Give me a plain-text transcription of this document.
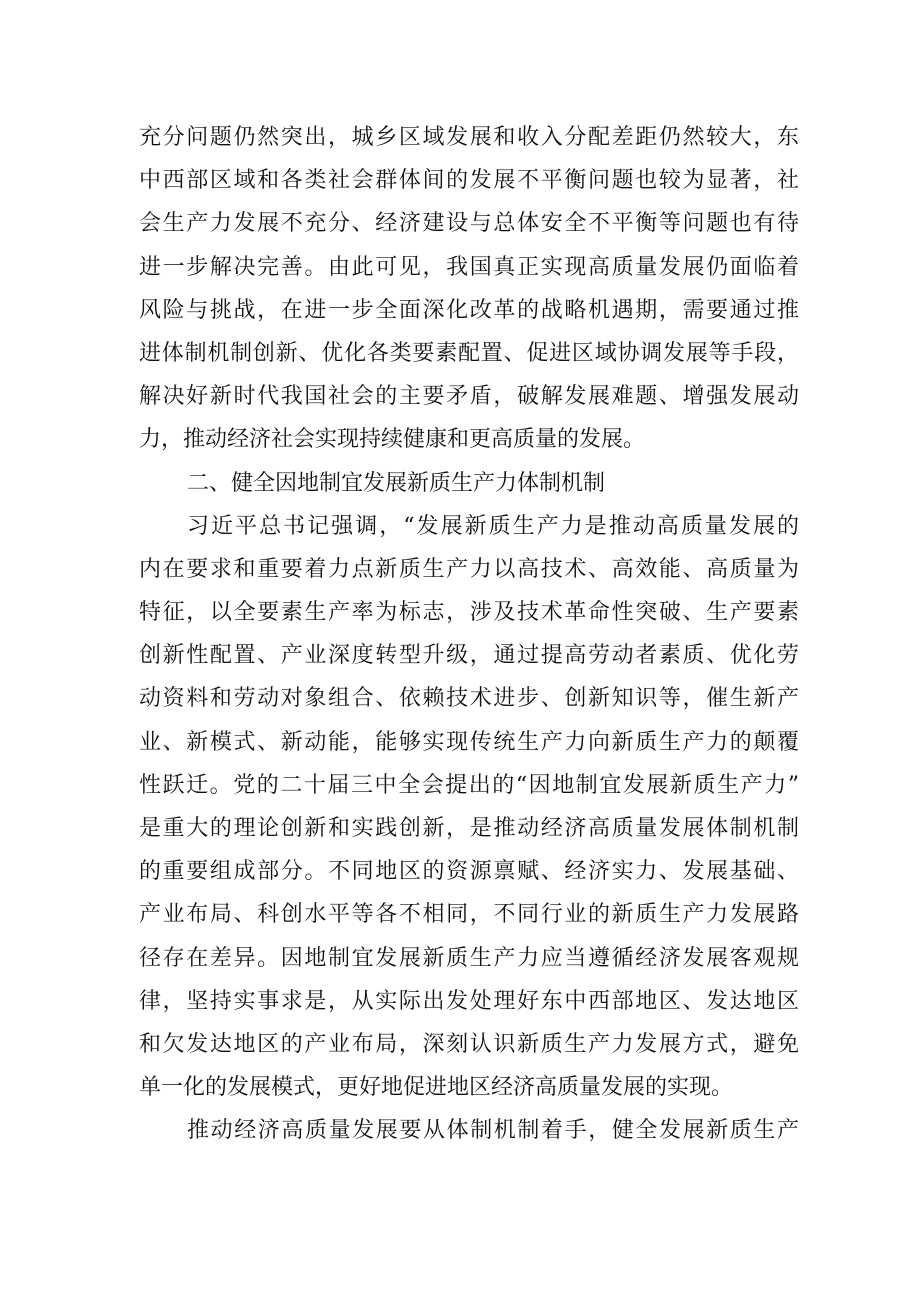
充分问题仍然突出，城乡区域发展和收入分配差距仍然较大，东
中西部区域和各类社会群体间的发展不平衡问题也较为显著，社
会生产力发展不充分、经济建设与总体安全不平衡等问题也有待
进一步解决完善。由此可见，我国真正实现高质量发展仍面临着
风险与挑战，在进一步全面深化改革的战略机遇期，需要通过推
进体制机制创新、优化各类要素配置、促进区域协调发展等手段，
解决好新时代我国社会的主要矛盾，破解发展难题、增强发展动
力，推动经济社会实现持续健康和更高质量的发展。
二、健全因地制宜发展新质生产力体制机制
习近平总书记强调，“发展新质生产力是推动高质量发展的
内在要求和重要着力点新质生产力以高技术、高效能、高质量为
特征，以全要素生产率为标志，涉及技术革命性突破、生产要素
创新性配置、产业深度转型升级，通过提高劳动者素质、优化劳
动资料和劳动对象组合、依赖技术进步、创新知识等，催生新产
业、新模式、新动能，能够实现传统生产力向新质生产力的颠覆
性跃迁。党的二十届三中全会提出的“因地制宜发展新质生产力”
是重大的理论创新和实践创新，是推动经济高质量发展体制机制
的重要组成部分。不同地区的资源禀赋、经济实力、发展基础、
产业布局、科创水平等各不相同，不同行业的新质生产力发展路
径存在差异。因地制宜发展新质生产力应当遵循经济发展客观规
律，坚持实事求是，从实际出发处理好东中西部地区、发达地区
和欠发达地区的产业布局，深刻认识新质生产力发展方式，避免
单一化的发展模式，更好地促进地区经济高质量发展的实现。
推动经济高质量发展要从体制机制着手，健全发展新质生产
